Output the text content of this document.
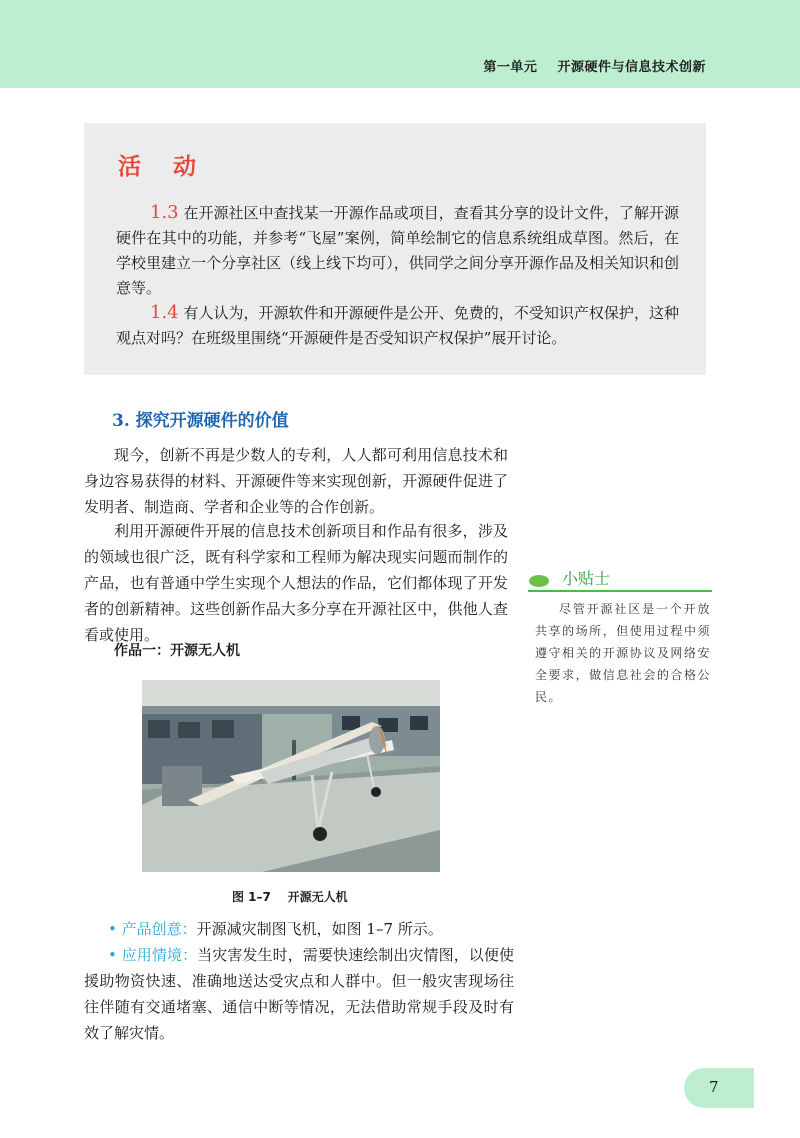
第一单元    开源硬件与信息技术创新
活 动
1.3 在开源社区中查找某一开源作品或项目，查看其分享的设计文件，了解开源硬件在其中的功能，并参考“飞屋”案例，简单绘制它的信息系统组成草图。然后，在学校里建立一个分享社区（线上线下均可），供同学之间分享开源作品及相关知识和创意等。
1.4 有人认为，开源软件和开源硬件是公开、免费的，不受知识产权保护，这种观点对吗？在班级里围绕“开源硬件是否受知识产权保护”展开讨论。
3. 探究开源硬件的价值
现今，创新不再是少数人的专利，人人都可利用信息技术和身边容易获得的材料、开源硬件等来实现创新，开源硬件促进了发明者、制造商、学者和企业等的合作创新。
利用开源硬件开展的信息技术创新项目和作品有很多，涉及的领域也很广泛，既有科学家和工程师为解决现实问题而制作的产品，也有普通中学生实现个人想法的作品，它们都体现了开发者的创新精神。这些创新作品大多分享在开源社区中，供他人查看或使用。
作品一：开源无人机
图 1–7    开源无人机
• 产品创意：开源减灾制图飞机，如图 1–7 所示。
• 应用情境：当灾害发生时，需要快速绘制出灾情图，以便使援助物资快速、准确地送达受灾点和人群中。但一般灾害现场往往伴随有交通堵塞、通信中断等情况，无法借助常规手段及时有效了解灾情。
小贴士
尽管开源社区是一个开放共享的场所，但使用过程中须遵守相关的开源协议及网络安全要求，做信息社会的合格公民。
7
